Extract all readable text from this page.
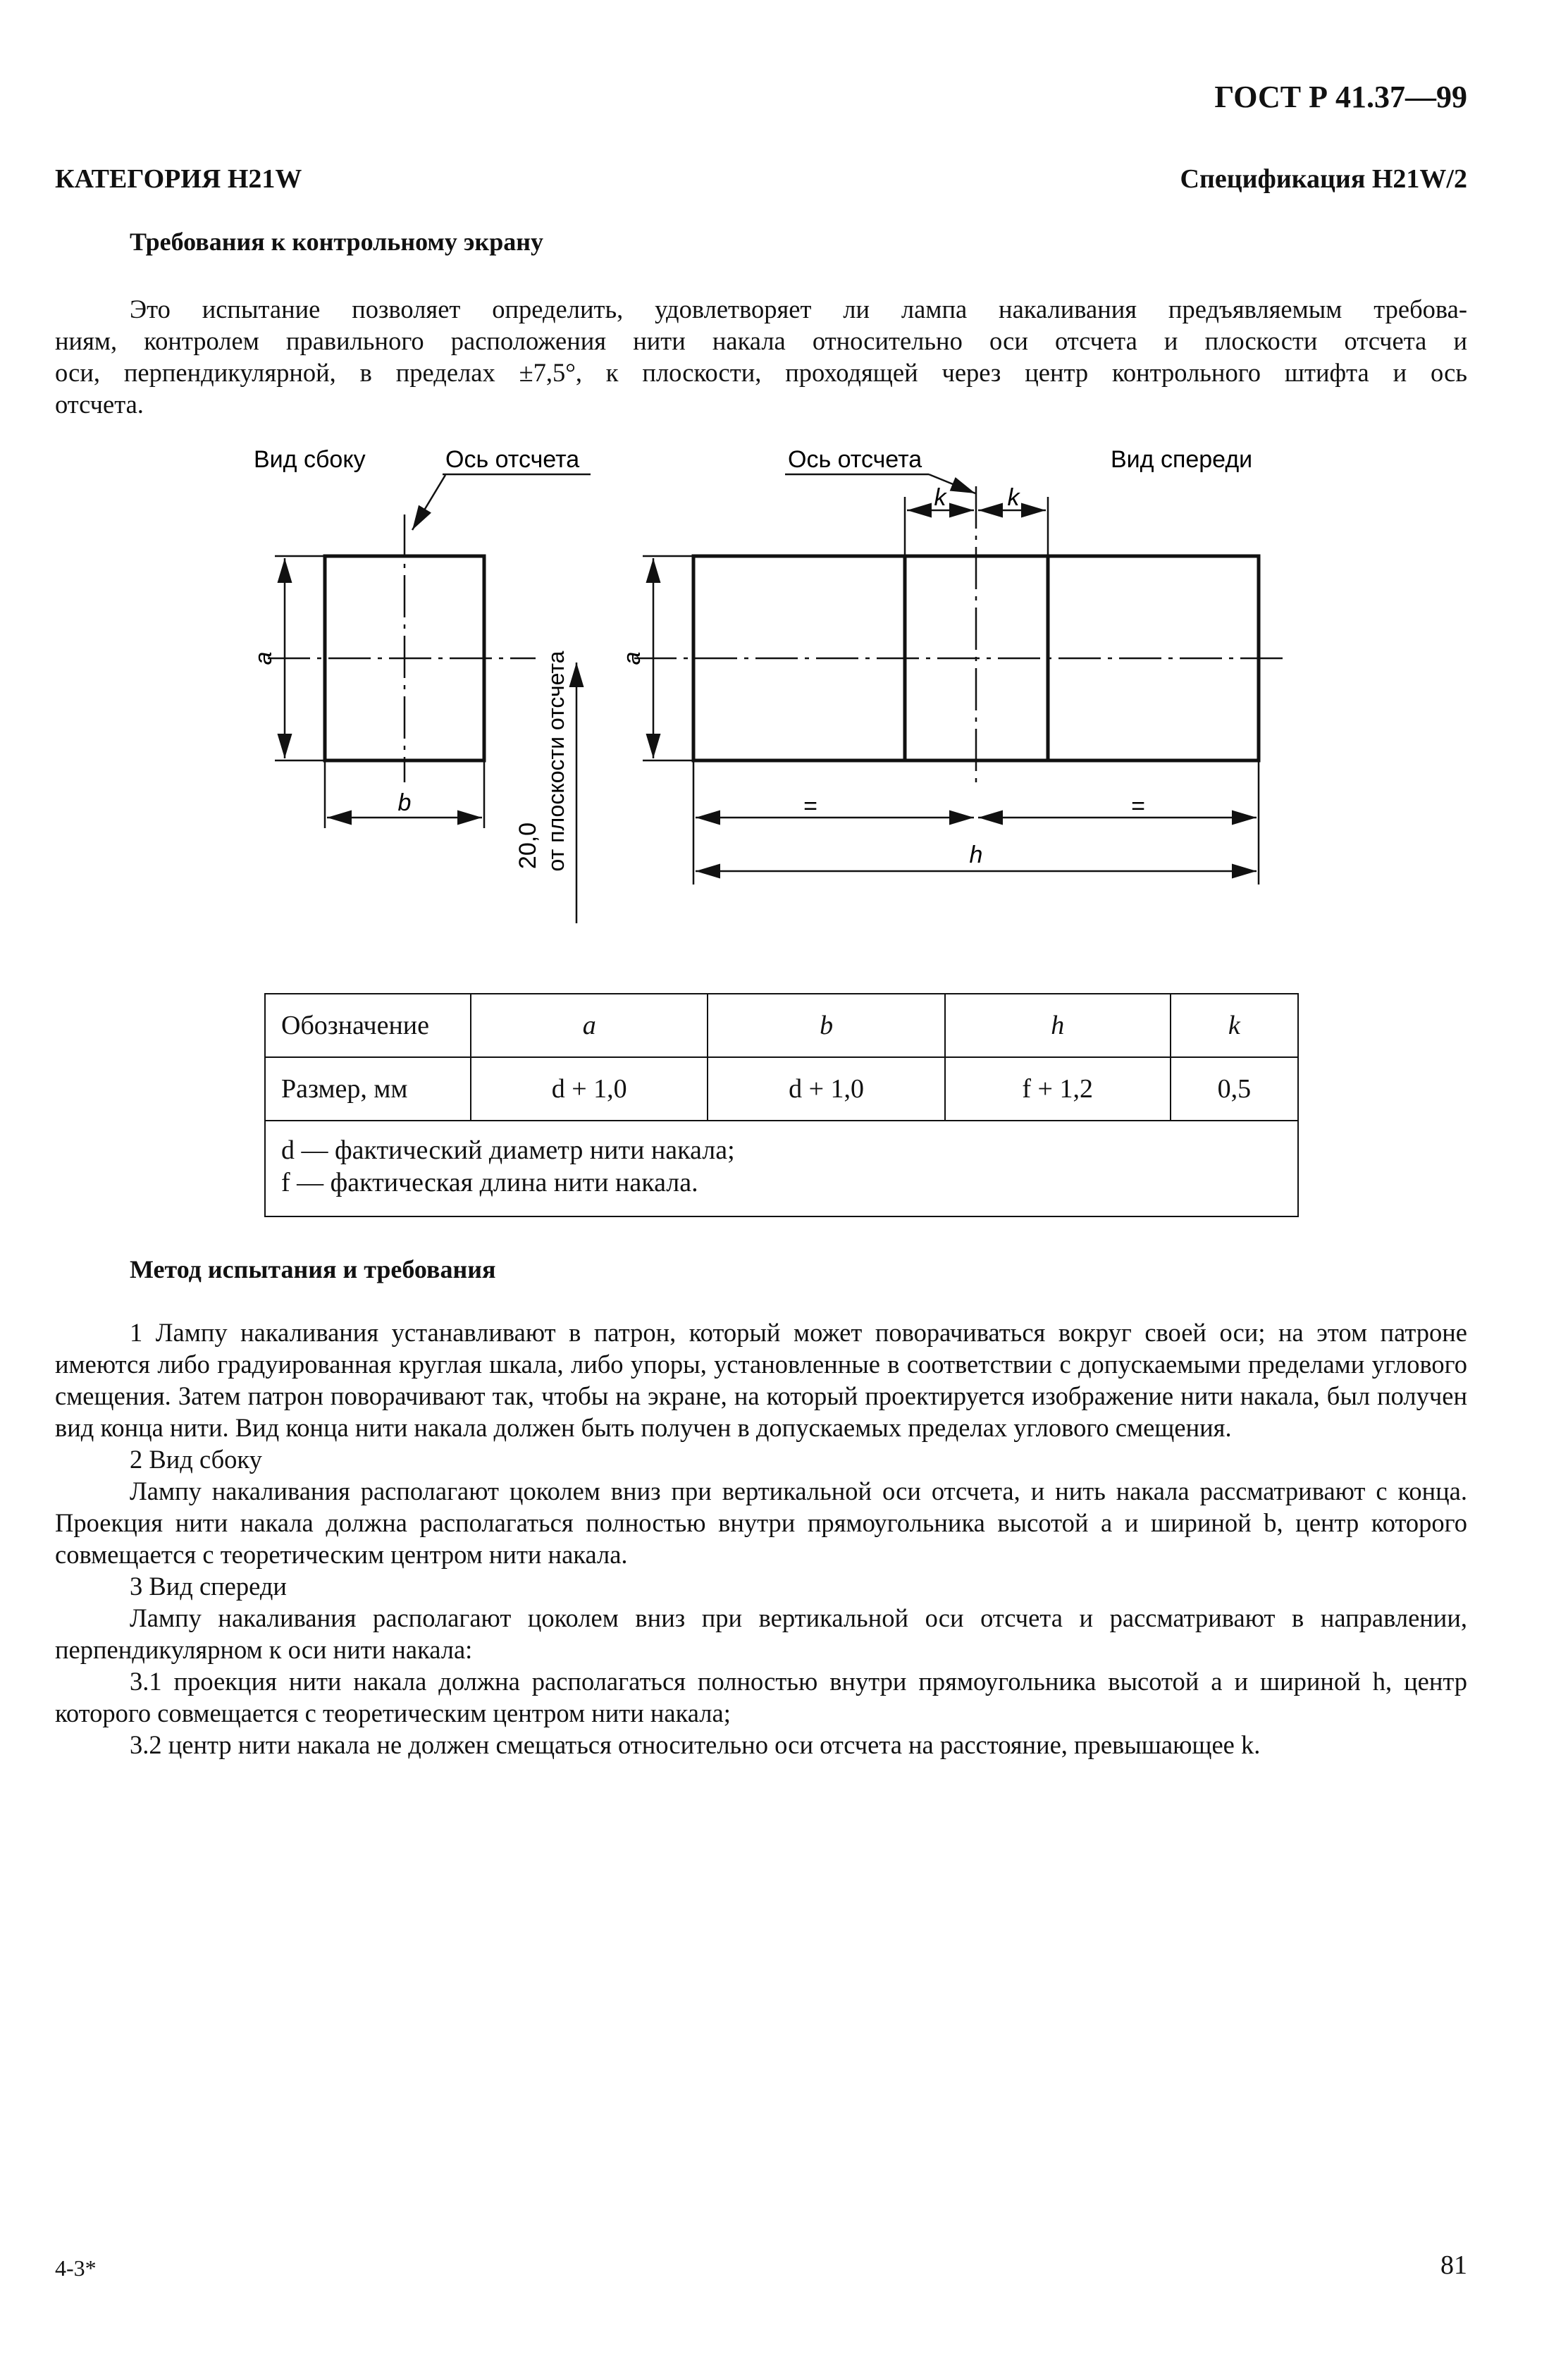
ГОСТ Р 41.37—99
КАТЕГОРИЯ H21W	Спецификация H21W/2
Требования к контрольному экрану
Это испытание позволяет определить, удовлетворяет ли лампа накаливания предъявляемым требова-
ниям, контролем правильного расположения нити накала относительно оси отсчета и плоскости отсчета и
оси, перпендикулярной, в пределах ±7,5°, к плоскости, проходящей через центр контрольного штифта и ось
отсчета.
Вид сбоку	Ось отсчета
a
b
20,0 от плоскости отсчета
Ось отсчета	Вид спереди
k	k
a
=	=
h
Обозначение	a	b	h	k
Размер, мм	d + 1,0	d + 1,0	f + 1,2	0,5

d — фактический диаметр нити накала;
f — фактическая длина нити накала.				
Метод испытания и требования

1 Лампу накаливания устанавливают в патрон, который может поворачиваться вокруг своей оси; на этом патроне имеются либо градуированная круглая шкала, либо упоры, установленные в соответствии с допускаемыми пределами углового смещения. Затем патрон поворачивают так, чтобы на экране, на который проектируется изображение нити накала, был получен вид конца нити. Вид конца нити накала должен быть получен в допускаемых пределах углового смещения.

2 Вид сбоку

Лампу накаливания располагают цоколем вниз при вертикальной оси отсчета, и нить накала рассматривают с конца. Проекция нити накала должна располагаться полностью внутри прямоугольника высотой a и шириной b, центр которого совмещается с теоретическим центром нити накала.

3 Вид спереди

Лампу накаливания располагают цоколем вниз при вертикальной оси отсчета и рассматривают в направлении, перпендикулярном к оси нити накала:

3.1 проекция нити накала должна располагаться полностью внутри прямоугольника высотой a и шириной h, центр которого совмещается с теоретическим центром нити накала;

3.2 центр нити накала не должен смещаться относительно оси отсчета на расстояние, превышающее k.

4-3*	81
